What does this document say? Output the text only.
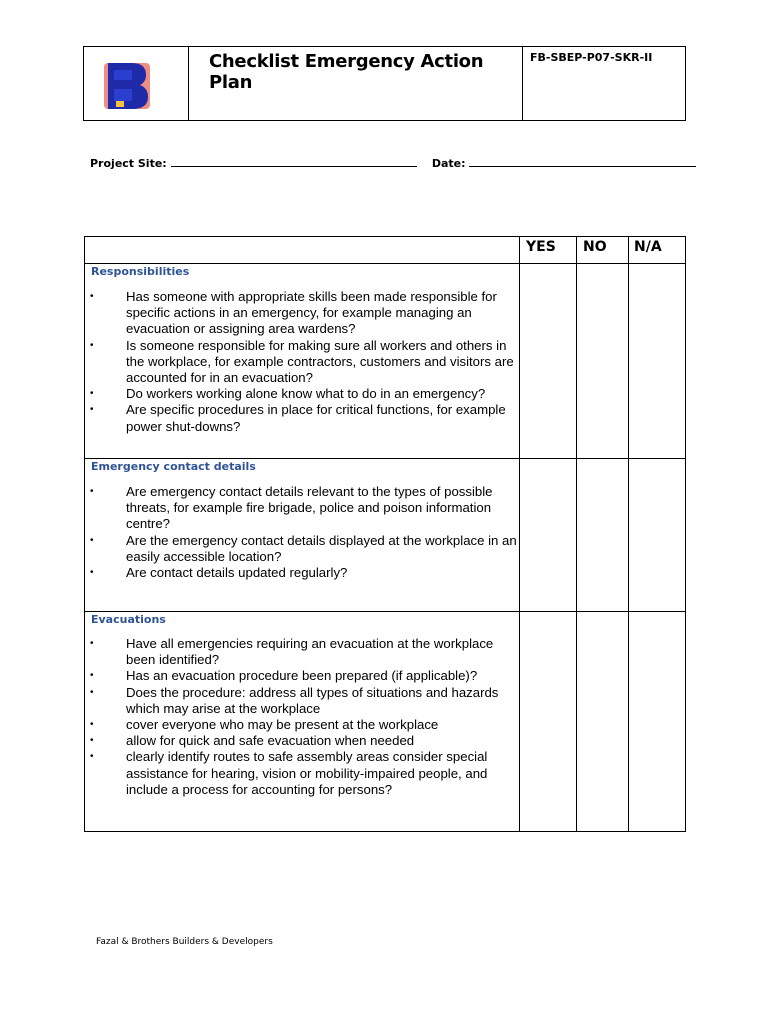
Checklist Emergency Action Plan
FB-SBEP-P07-SKR-II
Project Site:	Date:
YES NO N/A
Responsibilities
• Has someone with appropriate skills been made responsible for specific actions in an emergency, for example managing an evacuation or assigning area wardens?
• Is someone responsible for making sure all workers and others in the workplace, for example contractors, customers and visitors are accounted for in an evacuation?
• Do workers working alone know what to do in an emergency?
• Are specific procedures in place for critical functions, for example power shut-downs?
Emergency contact details
• Are emergency contact details relevant to the types of possible threats, for example fire brigade, police and poison information centre?
• Are the emergency contact details displayed at the workplace in an easily accessible location?
• Are contact details updated regularly?
Evacuations
• Have all emergencies requiring an evacuation at the workplace been identified?
• Has an evacuation procedure been prepared (if applicable)?
• Does the procedure: address all types of situations and hazards which may arise at the workplace
• cover everyone who may be present at the workplace
• allow for quick and safe evacuation when needed
• clearly identify routes to safe assembly areas consider special assistance for hearing, vision or mobility-impaired people, and include a process for accounting for persons?
Fazal & Brothers Builders & Developers
